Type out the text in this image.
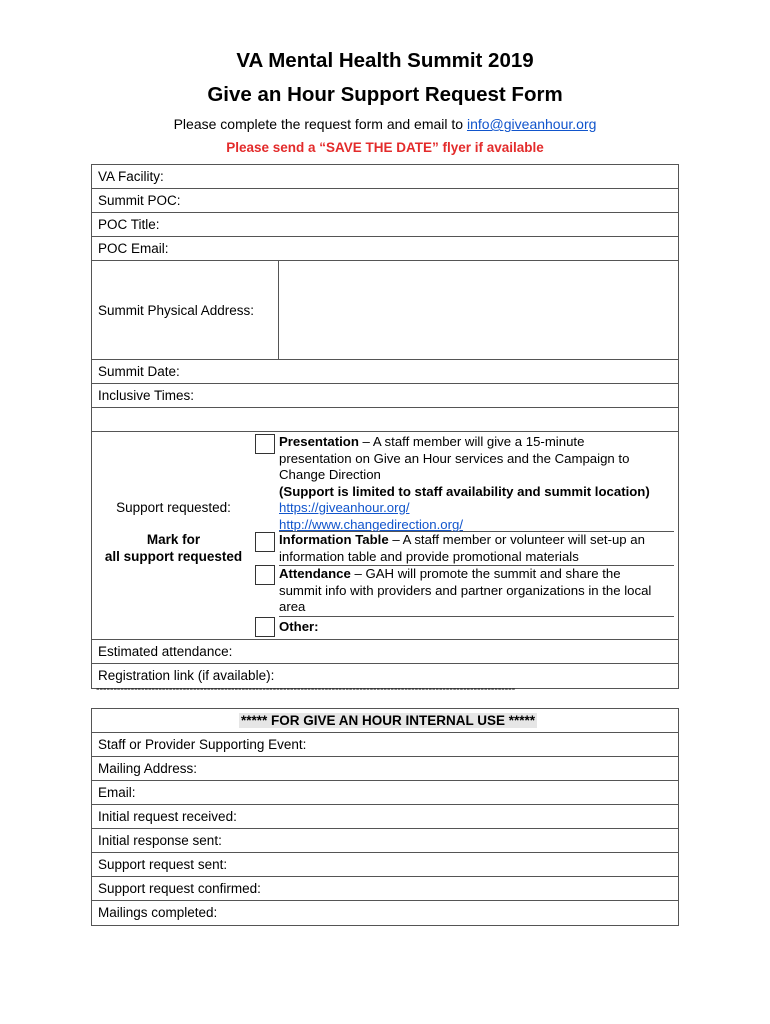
VA Mental Health Summit 2019
Give an Hour Support Request Form
Please complete the request form and email to info@giveanhour.org
Please send a “SAVE THE DATE” flyer if available
VA Facility:
Summit POC:
POC Title:
POC Email:
Summit Physical Address:
Summit Date:
Inclusive Times:
Support requested:
Mark for
all support requested
Presentation – A staff member will give a 15-minute
presentation on Give an Hour services and the Campaign to
Change Direction
(Support is limited to staff availability and summit location)
https://giveanhour.org/
http://www.changedirection.org/
Information Table – A staff member or volunteer will set-up an
information table and provide promotional materials
Attendance – GAH will promote the summit and share the
summit info with providers and partner organizations in the local
area
Other:
Estimated attendance:
Registration link (if available):
-------------------------------------------------------------------------------------------------------------------------
***** FOR GIVE AN HOUR INTERNAL USE *****
Staff or Provider Supporting Event:
Mailing Address:
Email:
Initial request received:
Initial response sent:
Support request sent:
Support request confirmed:
Mailings completed:
